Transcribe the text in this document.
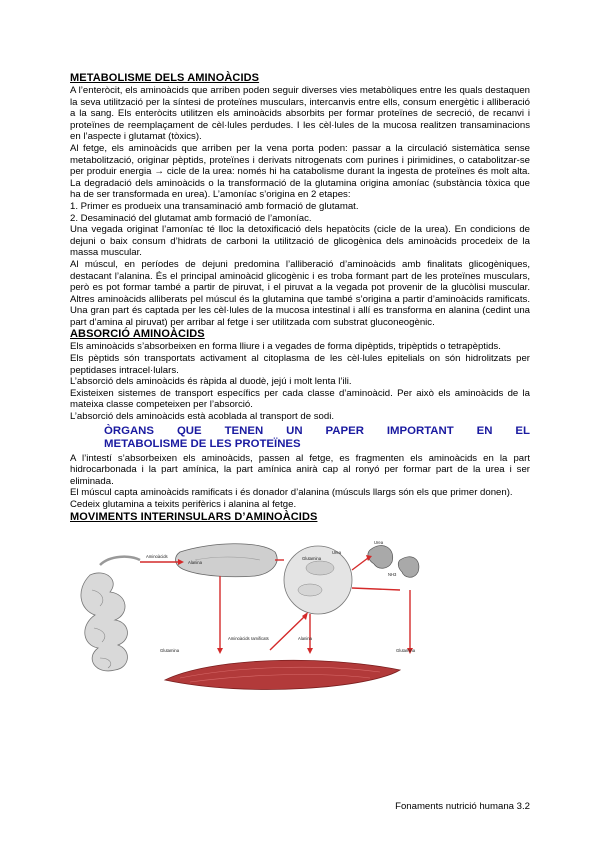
METABOLISME DELS AMINOÀCIDS

A l’enteròcit, els aminoàcids que arriben poden seguir diverses vies metabòliques entre les quals destaquen la seva utilització per la síntesi de proteïnes musculars, intercanvis entre ells, consum energètic i alliberació a la sang. Els enteròcits utilitzen els aminoàcids absorbits per formar proteïnes de secreció, de recanvi i proteïnes de reemplaçament de cèl·lules perdudes. I les cèl·lules de la mucosa realitzen transaminacions en l’aspecte i glutamat (tòxics).

Al fetge, els aminoàcids que arriben per la vena porta poden: passar a la circulació sistemàtica sense metabolització, originar pèptids, proteïnes i derivats nitrogenats com purines i pirimidines, o catabolitzar-se per produir energia → cicle de la urea: només hi ha catabolisme durant la ingesta de proteïnes és molt alta. La degradació dels aminoàcids o la transformació de la glutamina origina amoníac (substància tòxica que ha de ser transformada en urea). L’amoníac s’origina en 2 etapes:

1. Primer es produeix una transaminació amb formació de glutamat.

2. Desaminació del glutamat amb formació de l’amoníac.

Una vegada originat l’amoníac té lloc la detoxificació dels hepatòcits (cicle de la urea). En condicions de dejuni o baix consum d’hidrats de carboni la utilització de glicogènica dels aminoàcids procedeix de la massa muscular.

Al múscul, en períodes de dejuni predomina l’alliberació d’aminoàcids amb finalitats glicogèniques, destacant l’alanina. És el principal aminoàcid glicogènic i es troba formant part de les proteïnes musculars, però es pot formar també a partir de piruvat, i el piruvat a la vegada pot provenir de la glucòlisi muscular. Altres aminoàcids alliberats pel múscul és la glutamina que també s’origina a partir d’aminoàcids ramificats. Una gran part és captada per les cèl·lules de la mucosa intestinal i allí es transforma en alanina (cedint una part d’amina al piruvat) per arribar al fetge i ser utilitzada com substrat gluconeogènic.

ABSORCIÓ AMINOÀCIDS

Els aminoàcids s’absorbeixen en forma lliure i a vegades de forma dipèptids, tripèptids o tetrapèptids.

Els pèptids són transportats activament al citoplasma de les cèl·lules epitelials on són hidrolitzats per peptidases intracel·lulars.

L’absorció dels aminoàcids és ràpida al duodè, jejú i molt lenta l’ili.

Existeixen sistemes de transport específics per cada classe d’aminoàcid. Per això els aminoàcids de la mateixa classe competeixen per l’absorció.

L’absorció dels aminoàcids està acoblada al transport de sodi.

ÒRGANS QUE TENEN UN PAPER IMPORTANT EN EL
METABOLISME DE LES PROTEÏNES

A l’intestí s’absorbeixen els aminoàcids, passen al fetge, es fragmenten els aminoàcids en la part hidrocarbonada i la part amínica, la part amínica anirà cap al ronyó per formar part de la urea i ser eliminada.

El múscul capta aminoàcids ramificats i és donador d’alanina (músculs llargs són els que primer donen).

Cedeix glutamina a teixits perifèrics i alanina al fetge.

MOVIMENTS INTERINSULARS D’AMINOÀCIDS
Aminoàcids
Alanina
Glutamina
Urea
NH3
Urea
Aminoàcids ramificats	Alanina
Glutamina	Glutamina
Fonaments nutrició humana 3.2
